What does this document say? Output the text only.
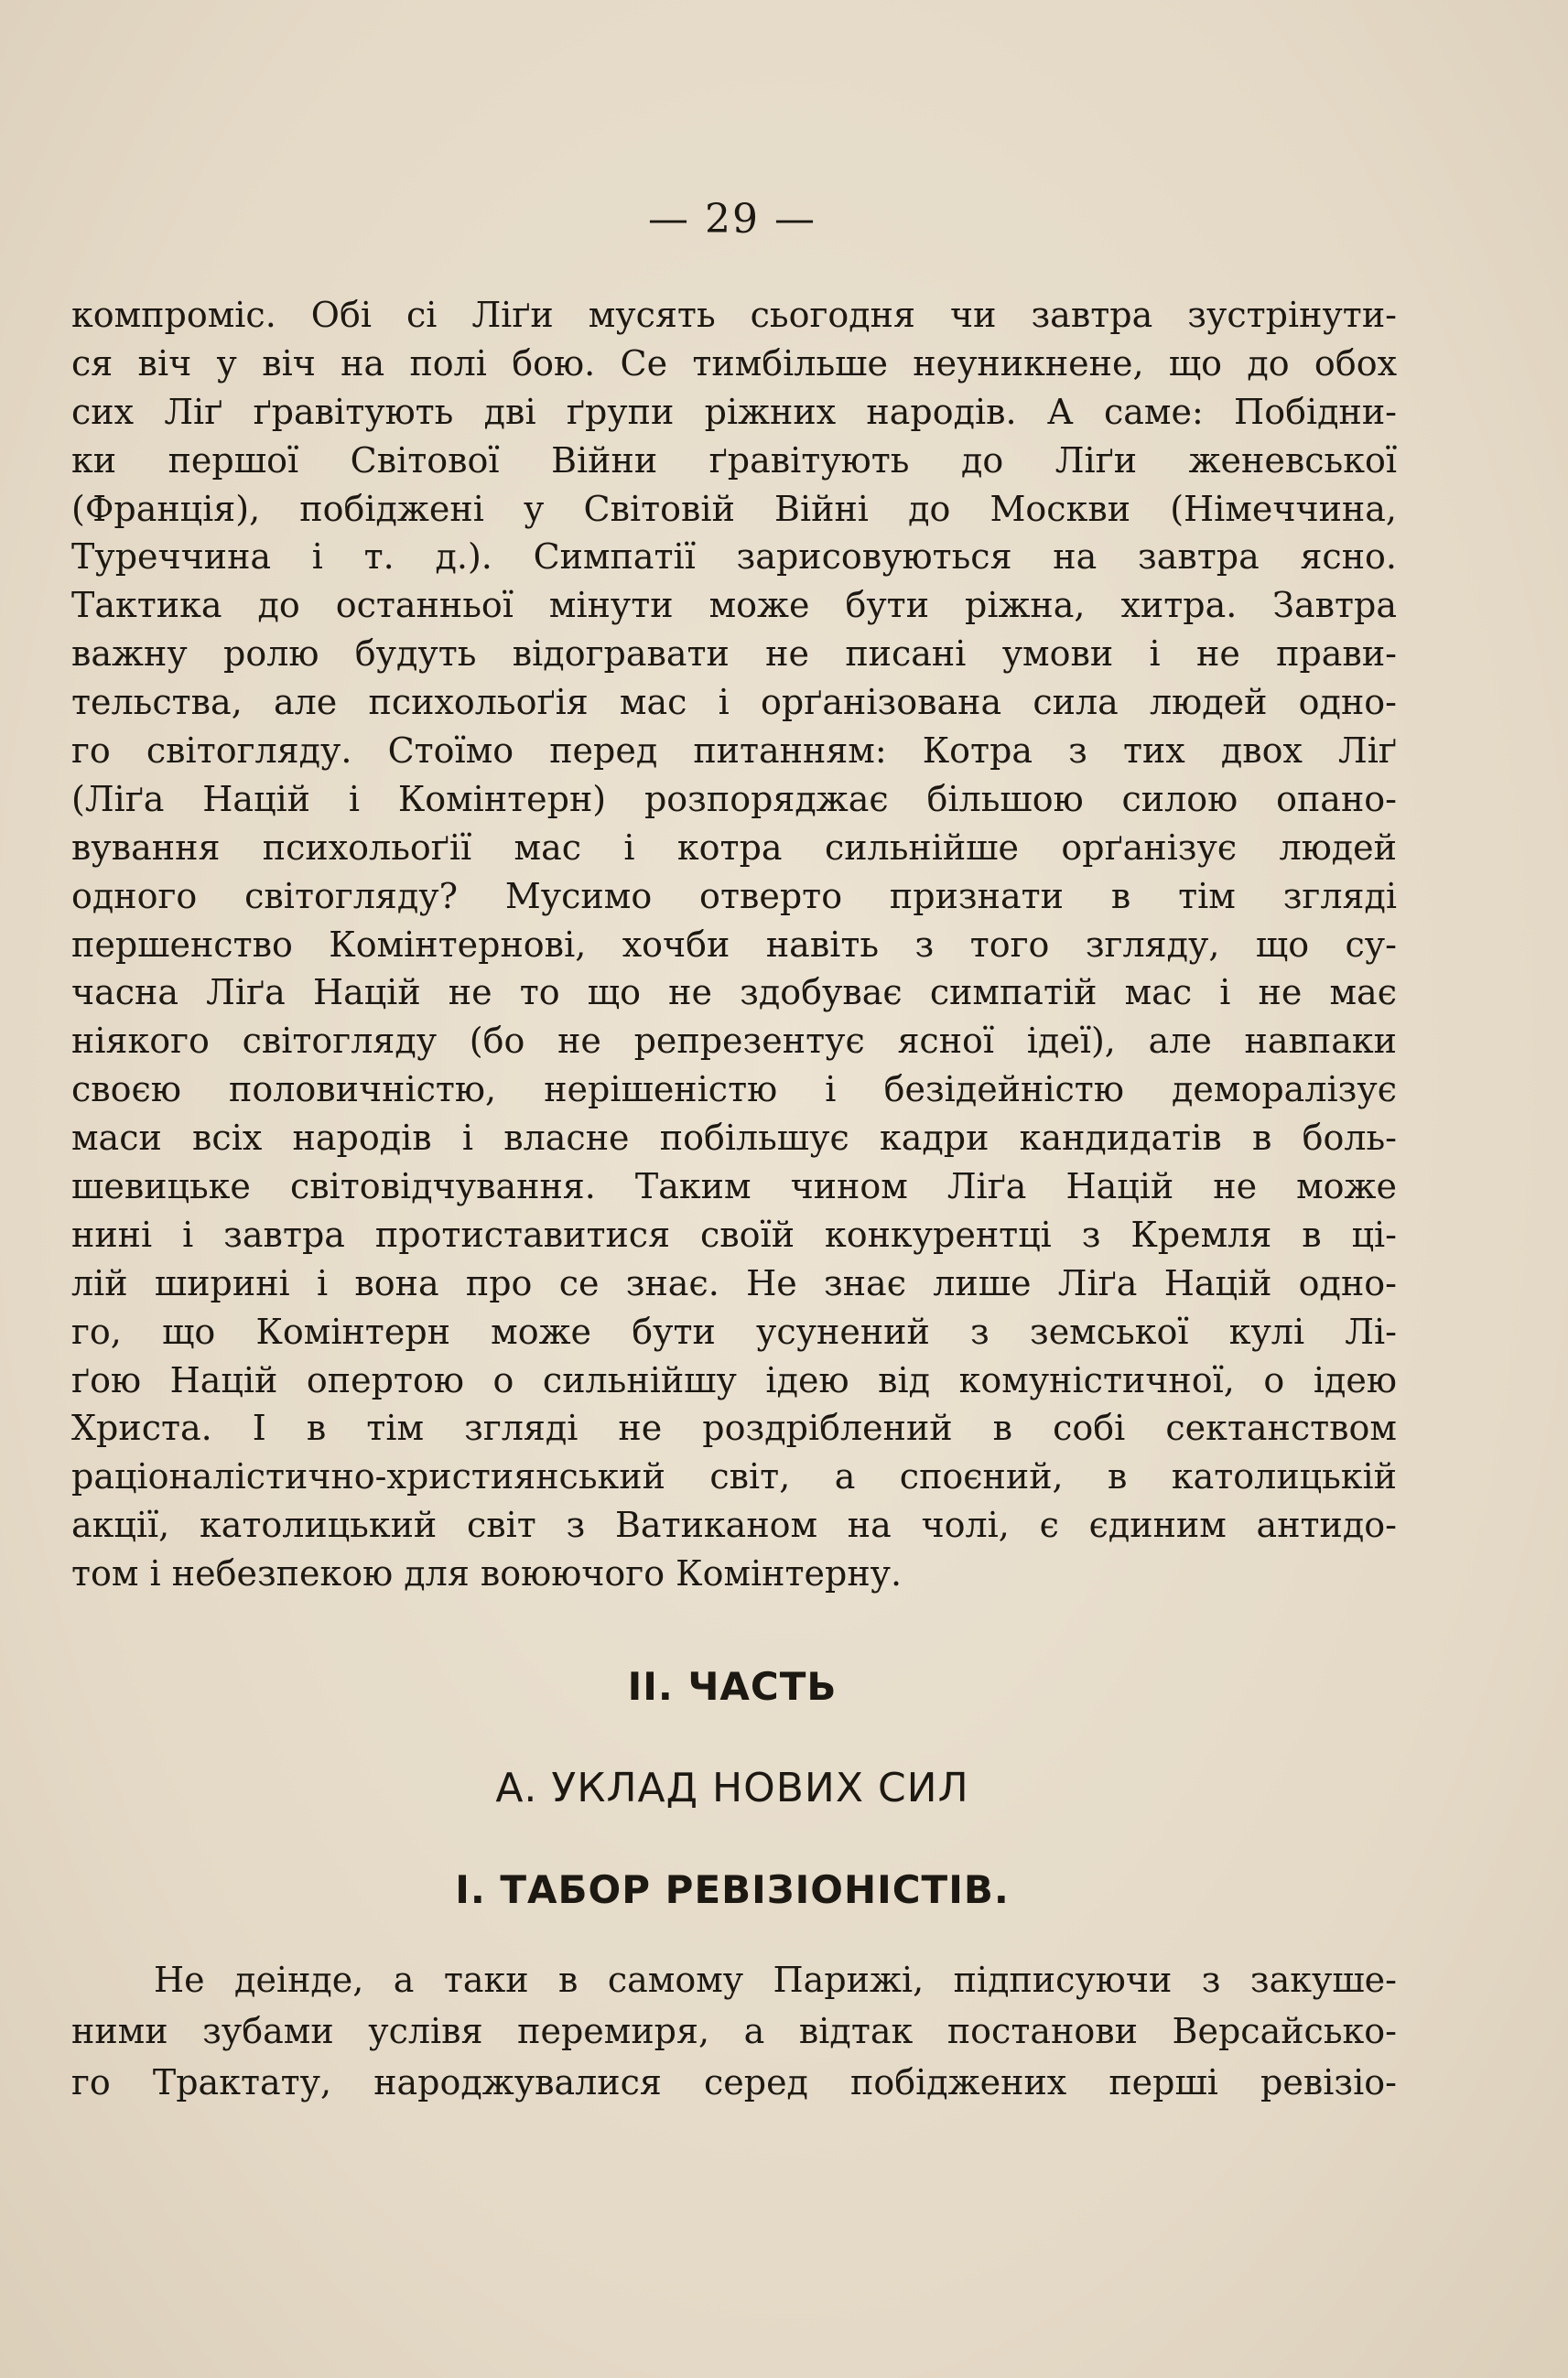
— 29 —
компроміс. Обі сі Ліґи мусять сьогодня чи завтра зустрінути-
ся віч у віч на полі бою. Се тимбільше неуникнене, що до обох
сих Ліґ ґравітують дві ґрупи ріжних народів. А саме: Побідни-
ки першої Світової Війни ґравітують до Ліґи женевської
(Франція), побіджені у Світовій Війні до Москви (Німеччина,
Туреччина і т. д.). Симпатії зарисовуються на завтра ясно.
Тактика до останньої мінути може бути ріжна, хитра. Завтра
важну ролю будуть відогравати не писані умови і не прави-
тельства, але психольоґія мас і орґанізована сила людей одно-
го світогляду. Стоїмо перед питанням: Котра з тих двох Ліґ
(Ліґа Націй і Комінтерн) розпоряджає більшою силою опано-
вування психольоґії мас і котра сильнійше орґанізує людей
одного світогляду? Мусимо отверто признати в тім зглядi
першенство Комінтернові, хочби навіть з того згляду, що су-
часна Ліґа Націй не то що не здобуває симпатій мас і не має
ніякого світогляду (бо не репрезентує ясної ідеї), але навпаки
своєю половичністю, нерішеністю і безідейністю деморалізує
маси всіх народів і власне побільшує кадри кандидатів в боль-
шевицьке світовідчування. Таким чином Ліґа Націй не може
нині і завтра протиставитися своїй конкурентці з Кремля в ці-
лій ширині і вона про се знає. Не знає лише Ліґа Націй одно-
го, що Комінтерн може бути усунений з земської кулі Лі-
ґою Націй опертою о сильнійшу ідею від комуністичної, о ідею
Христа. І в тім зглядi не роздріблений в собі сектанством
раціоналістично-християнський світ, а споєний, в католицькій
акції, католицький світ з Ватиканом на чолі, є єдиним антидо-
том і небезпекою для воюючого Комінтерну.
II. ЧАСТЬ
А. УКЛАД НОВИХ СИЛ
I. ТАБОР РЕВІЗІОНІСТІВ.
Не деінде, а таки в самому Парижі, підписуючи з закуше-
ними зубами услівя перемиря, а відтак постанови Версайсько-
го Трактату, народжувалися серед побіджених перші ревізіо-
